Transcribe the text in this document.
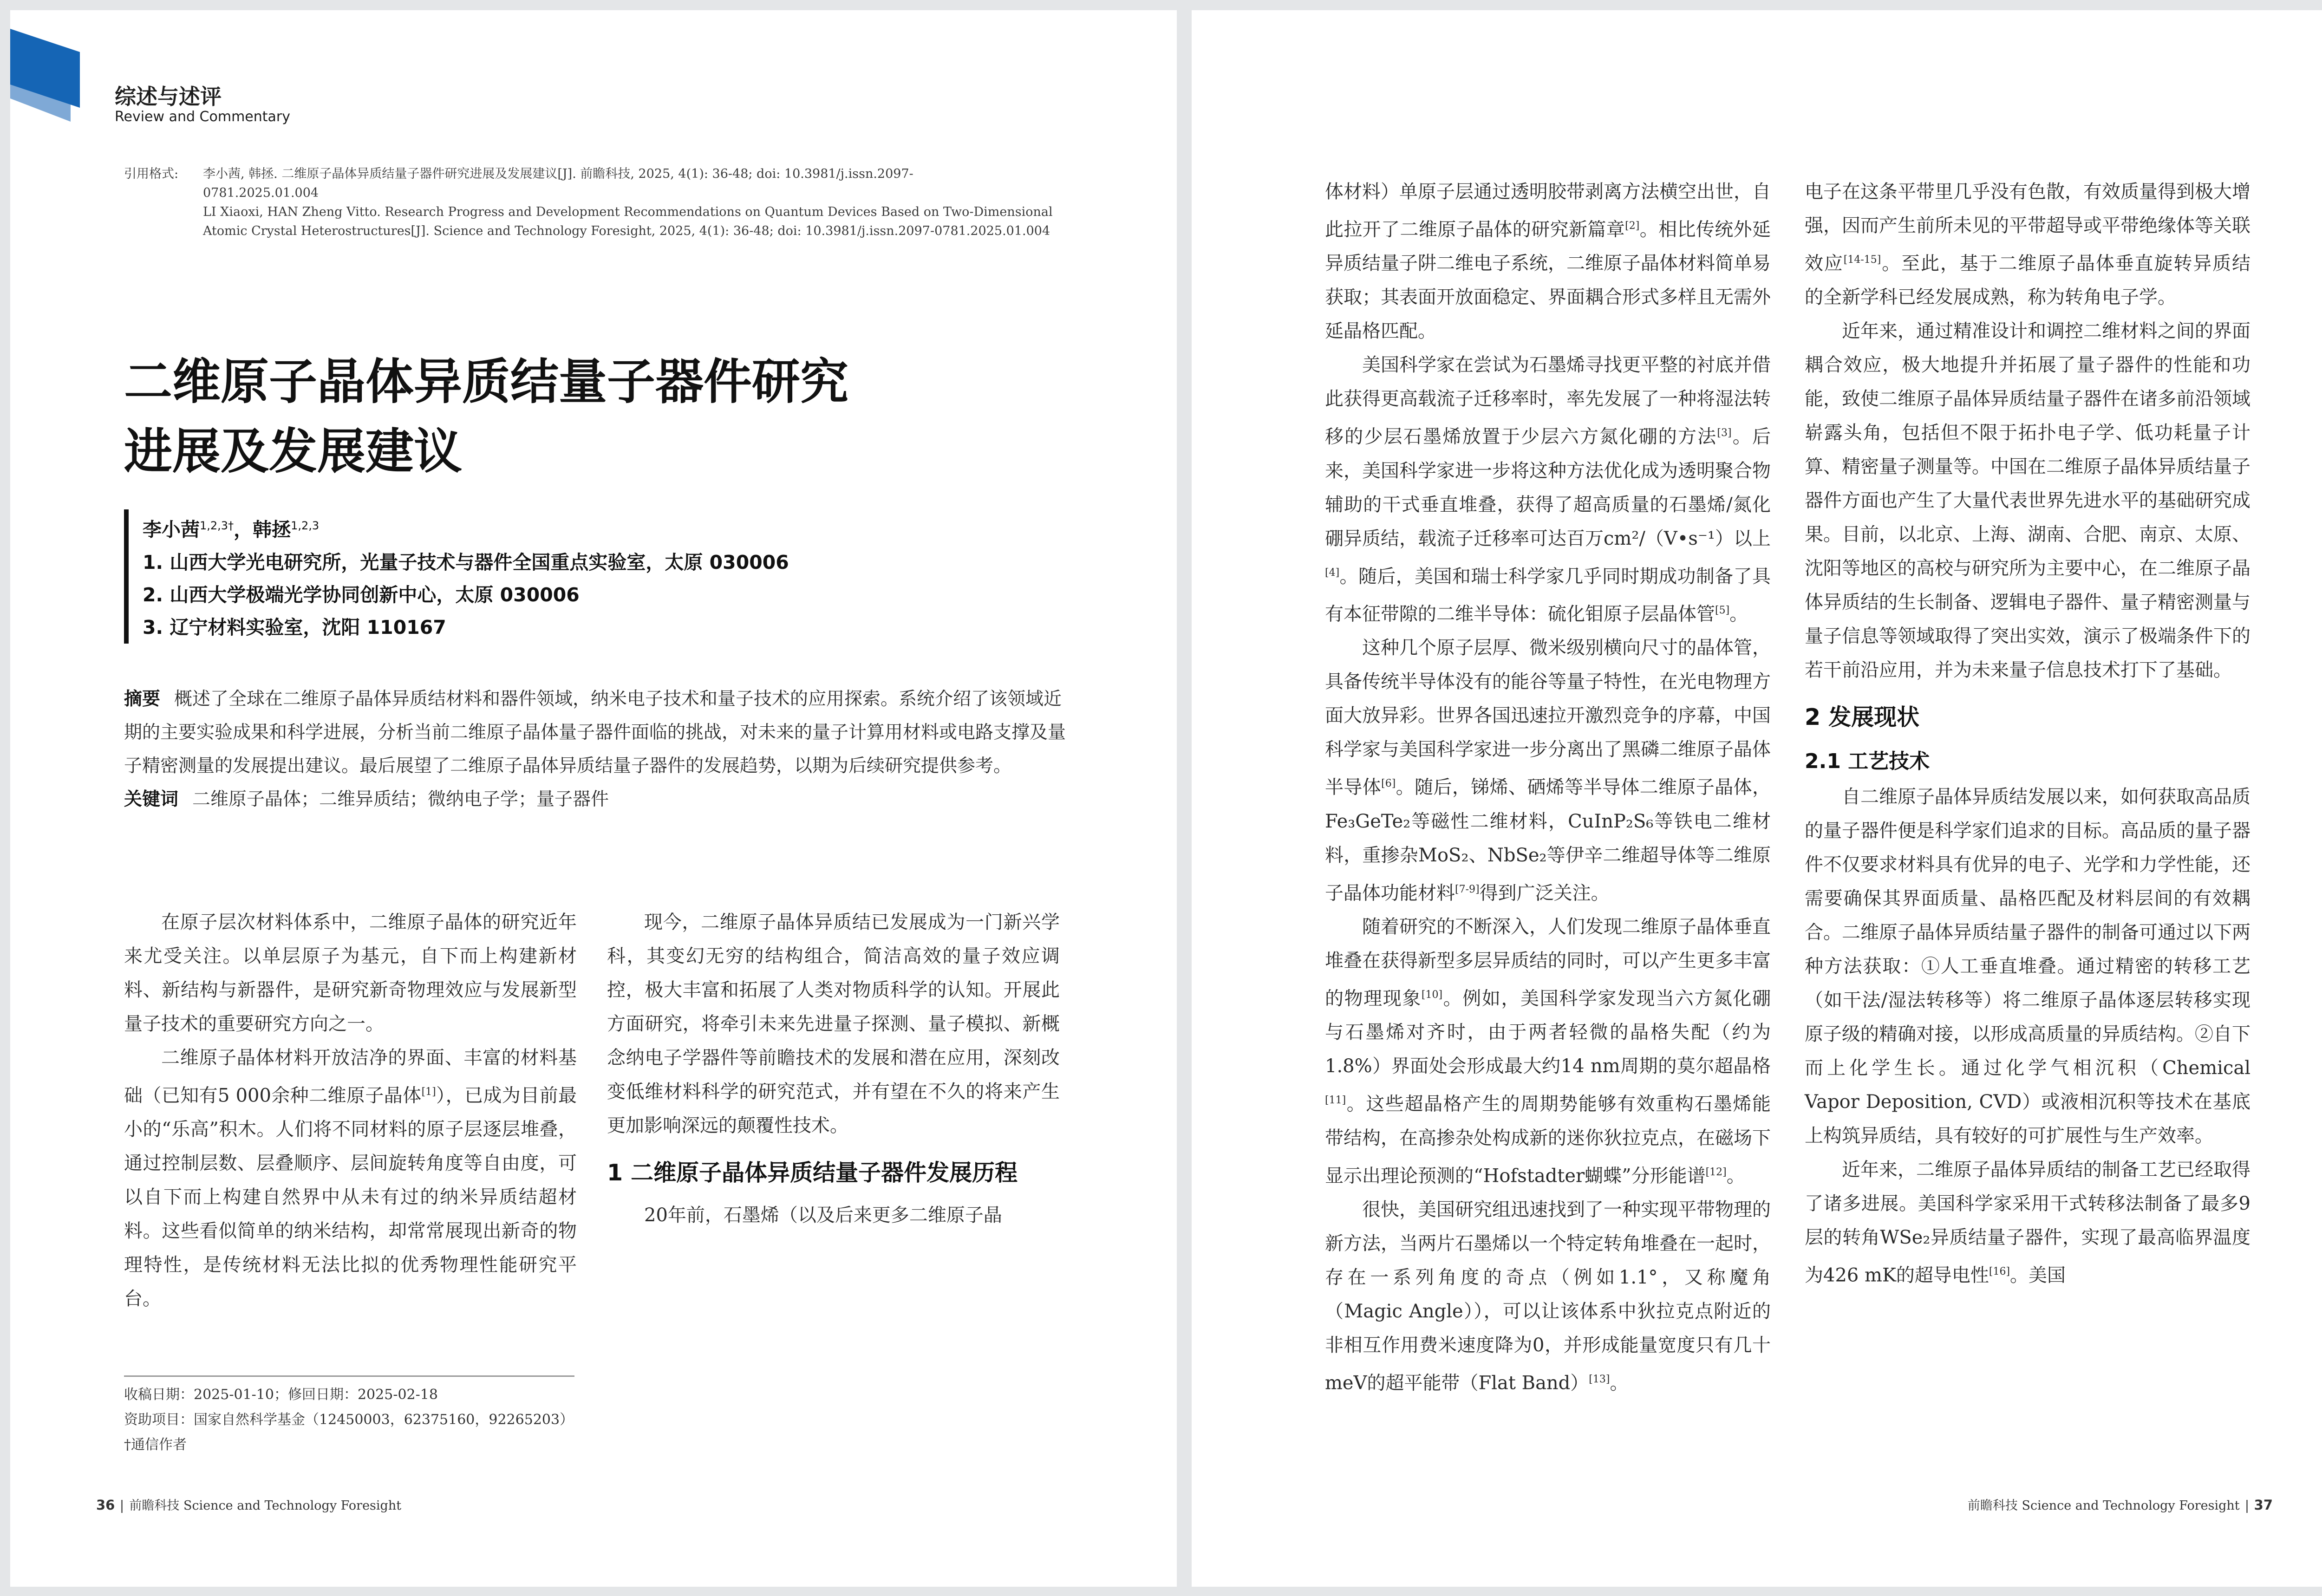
综述与述评
Review and Commentary
引用格式: 李小茜, 韩拯. 二维原子晶体异质结量子器件研究进展及发展建议[J]. 前瞻科技, 2025, 4(1): 36-48; doi: 10.3981/j.issn.2097-
0781.2025.01.004
LI Xiaoxi, HAN Zheng Vitto. Research Progress and Development Recommendations on Quantum Devices Based on Two-Dimensional
Atomic Crystal Heterostructures[J]. Science and Technology Foresight, 2025, 4(1): 36-48; doi: 10.3981/j.issn.2097-0781.2025.01.004
二维原子晶体异质结量子器件研究
进展及发展建议
李小茜$^{1,2,3\dagger}$，韩拯$^{1,2,3}$
1. 山西大学光电研究所，光量子技术与器件全国重点实验室，太原 030006
2. 山西大学极端光学协同创新中心，太原 030006
3. 辽宁材料实验室，沈阳 110167
摘要 概述了全球在二维原子晶体异质结材料和器件领域，纳米电子技术和量子技术的应用探索。系统介绍了该领域近期的主要实验成果和科学进展，分析当前二维原子晶体量子器件面临的挑战，对未来的量子计算用材料或电路支撑及量子精密测量的发展提出建议。最后展望了二维原子晶体异质结量子器件的发展趋势，以期为后续研究提供参考。
关键词 二维原子晶体；二维异质结；微纳电子学；量子器件

在原子层次材料体系中，二维原子晶体的研究近年来尤受关注。以单层原子为基元，自下而上构建新材料、新结构与新器件，是研究新奇物理效应与发展新型量子技术的重要研究方向之一。

二维原子晶体材料开放洁净的界面、丰富的材料基础（已知有5 000余种二维原子晶体[1]），已成为目前最小的“乐高”积木。人们将不同材料的原子层逐层堆叠，通过控制层数、层叠顺序、层间旋转角度等自由度，可以自下而上构建自然界中从未有过的纳米异质结超材料。这些看似简单的纳米结构，却常常展现出新奇的物理特性，是传统材料无法比拟的优秀物理性能研究平台。

现今，二维原子晶体异质结已发展成为一门新兴学科，其变幻无穷的结构组合，简洁高效的量子效应调控，极大丰富和拓展了人类对物质科学的认知。开展此方面研究，将牵引未来先进量子探测、量子模拟、新概念纳电子学器件等前瞻技术的发展和潜在应用，深刻改变低维材料科学的研究范式，并有望在不久的将来产生更加影响深远的颠覆性技术。

1 二维原子晶体异质结量子器件发展历程

20年前，石墨烯（以及后来更多二维原子晶

收稿日期：2025-01-10；修回日期：2025-02-18
资助项目：国家自然科学基金（12450003，62375160，92265203）
†通信作者
36 前瞻科技 Science and Technology Foresight

体材料）单原子层通过透明胶带剥离方法横空出世，自此拉开了二维原子晶体的研究新篇章[2]。相比传统外延异质结量子阱二维电子系统，二维原子晶体材料简单易获取；其表面开放面稳定、界面耦合形式多样且无需外延晶格匹配。

美国科学家在尝试为石墨烯寻找更平整的衬底并借此获得更高载流子迁移率时，率先发展了一种将湿法转移的少层石墨烯放置于少层六方氮化硼的方法[3]。后来，美国科学家进一步将这种方法优化成为透明聚合物辅助的干式垂直堆叠，获得了超高质量的石墨烯/氮化硼异质结，载流子迁移率可达百万cm²/（V•s⁻¹）以上[4]。随后，美国和瑞士科学家几乎同时期成功制备了具有本征带隙的二维半导体：硫化钼原子层晶体管[5]。

这种几个原子层厚、微米级别横向尺寸的晶体管，具备传统半导体没有的能谷等量子特性，在光电物理方面大放异彩。世界各国迅速拉开激烈竞争的序幕，中国科学家与美国科学家进一步分离出了黑磷二维原子晶体半导体[6]。随后，锑烯、硒烯等半导体二维原子晶体，Fe₃GeTe₂等磁性二维材料，CuInP₂S₆等铁电二维材料，重掺杂MoS₂、NbSe₂等伊辛二维超导体等二维原子晶体功能材料[7-9]得到广泛关注。

随着研究的不断深入，人们发现二维原子晶体垂直堆叠在获得新型多层异质结的同时，可以产生更多丰富的物理现象[10]。例如，美国科学家发现当六方氮化硼与石墨烯对齐时，由于两者轻微的晶格失配（约为1.8%）界面处会形成最大约14 nm周期的莫尔超晶格[11]。这些超晶格产生的周期势能够有效重构石墨烯能带结构，在高掺杂处构成新的迷你狄拉克点，在磁场下显示出理论预测的“Hofstadter蝴蝶”分形能谱[12]。

很快，美国研究组迅速找到了一种实现平带物理的新方法，当两片石墨烯以一个特定转角堆叠在一起时，存在一系列角度的奇点（例如1.1°，又称魔角（Magic Angle）），可以让该体系中狄拉克点附近的非相互作用费米速度降为0，并形成能量宽度只有几十meV的超平能带（Flat Band）[13]。

电子在这条平带里几乎没有色散，有效质量得到极大增强，因而产生前所未见的平带超导或平带绝缘体等关联效应[14-15]。至此，基于二维原子晶体垂直旋转异质结的全新学科已经发展成熟，称为转角电子学。

近年来，通过精准设计和调控二维材料之间的界面耦合效应，极大地提升并拓展了量子器件的性能和功能，致使二维原子晶体异质结量子器件在诸多前沿领域崭露头角，包括但不限于拓扑电子学、低功耗量子计算、精密量子测量等。中国在二维原子晶体异质结量子器件方面也产生了大量代表世界先进水平的基础研究成果。目前，以北京、上海、湖南、合肥、南京、太原、沈阳等地区的高校与研究所为主要中心，在二维原子晶体异质结的生长制备、逻辑电子器件、量子精密测量与量子信息等领域取得了突出实效，演示了极端条件下的若干前沿应用，并为未来量子信息技术打下了基础。

2 发展现状

2.1 工艺技术

自二维原子晶体异质结发展以来，如何获取高品质的量子器件便是科学家们追求的目标。高品质的量子器件不仅要求材料具有优异的电子、光学和力学性能，还需要确保其界面质量、晶格匹配及材料层间的有效耦合。二维原子晶体异质结量子器件的制备可通过以下两种方法获取：①人工垂直堆叠。通过精密的转移工艺（如干法/湿法转移等）将二维原子晶体逐层转移实现原子级的精确对接，以形成高质量的异质结构。②自下而上化学生长。通过化学气相沉积（Chemical Vapor Deposition, CVD）或液相沉积等技术在基底上构筑异质结，具有较好的可扩展性与生产效率。

近年来，二维原子晶体异质结的制备工艺已经取得了诸多进展。美国科学家采用干式转移法制备了最多9层的转角WSe₂异质结量子器件，实现了最高临界温度为426 mK的超导电性[16]。美国

前瞻科技 Science and Technology Foresight 37
